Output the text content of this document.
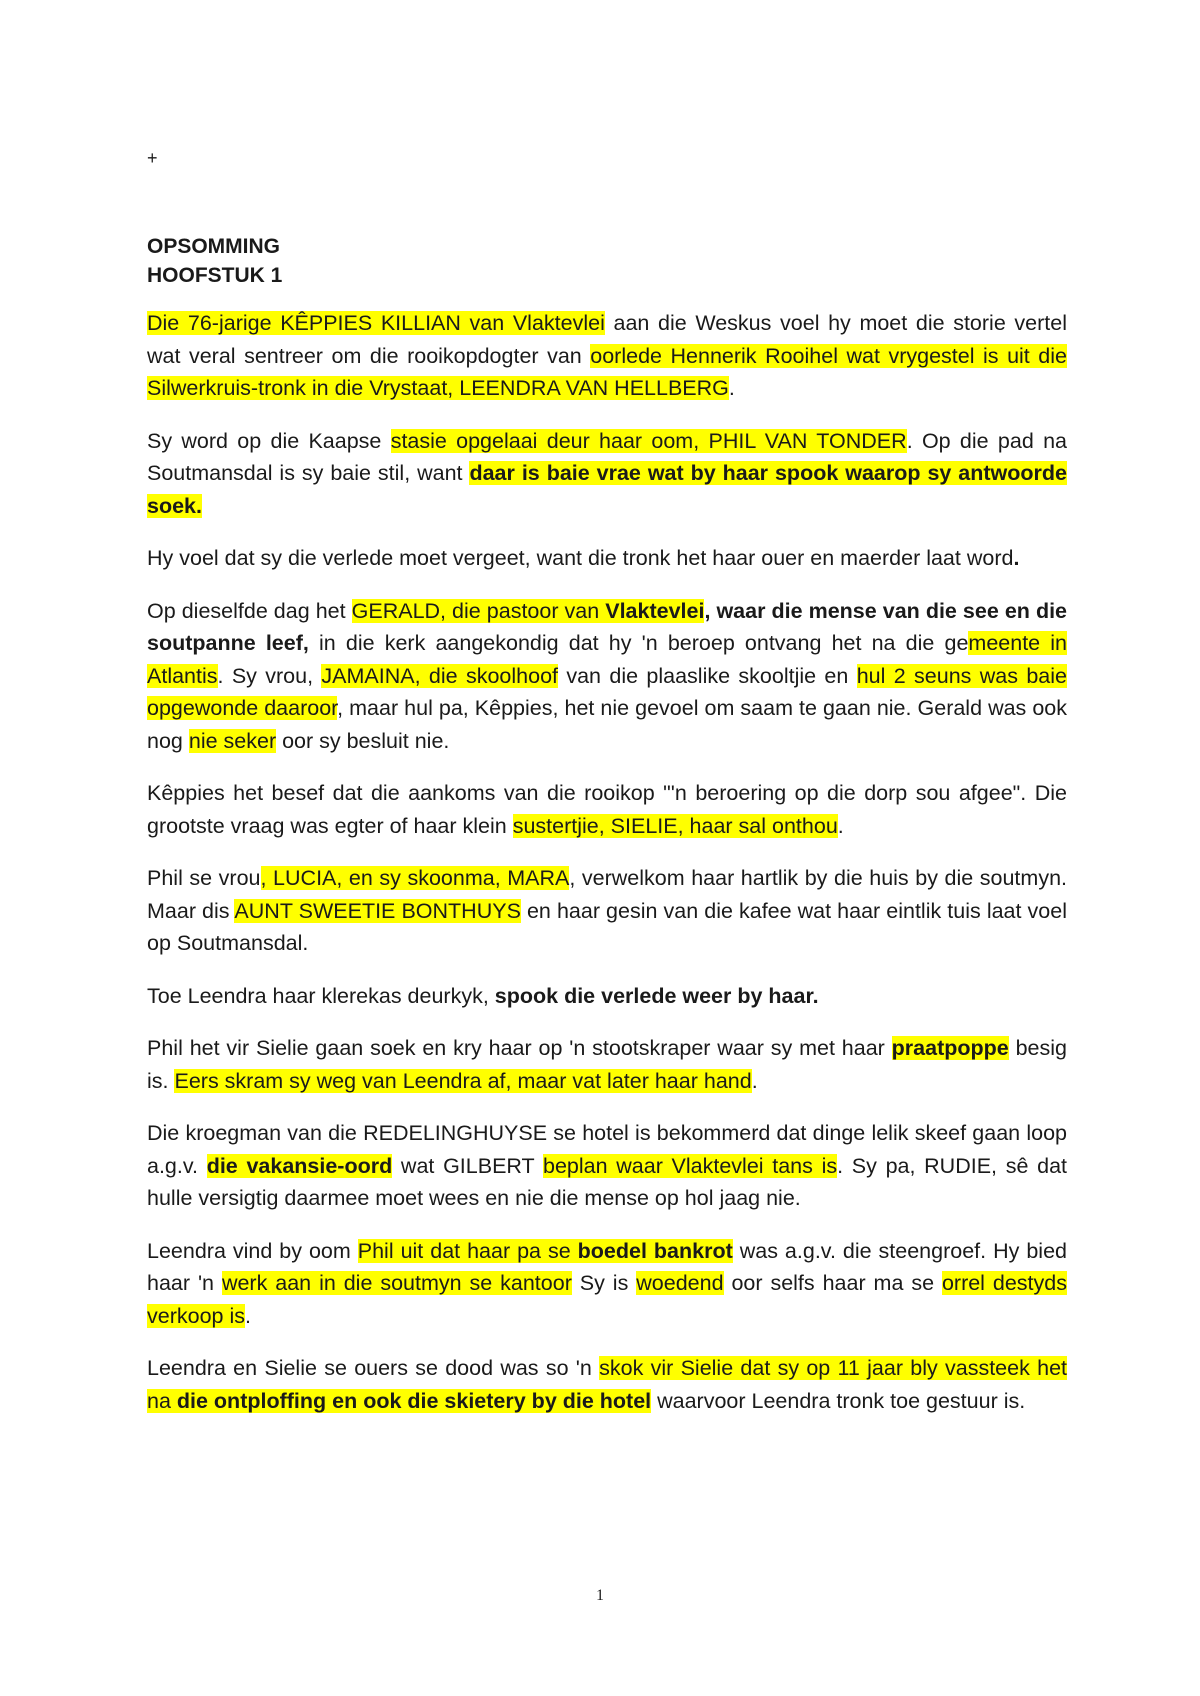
+
OPSOMMING
HOOFSTUK 1

Die 76-jarige KÊPPIES KILLIAN van Vlaktevlei aan die Weskus voel hy moet die storie vertel wat veral sentreer om die rooikopdogter van oorlede Hennerik Rooihel wat vrygestel is uit die Silwerkruis-tronk in die Vrystaat, LEENDRA VAN HELLBERG.

Sy word op die Kaapse stasie opgelaai deur haar oom, PHIL VAN TONDER. Op die pad na Soutmansdal is sy baie stil, want daar is baie vrae wat by haar spook waarop sy antwoorde soek.

Hy voel dat sy die verlede moet vergeet, want die tronk het haar ouer en maerder laat word.

Op dieselfde dag het GERALD, die pastoor van Vlaktevlei, waar die mense van die see en die soutpanne leef, in die kerk aangekondig dat hy 'n beroep ontvang het na die gemeente in Atlantis. Sy vrou, JAMAINA, die skoolhoof van die plaaslike skooltjie en hul 2 seuns was baie opgewonde daaroor, maar hul pa, Kêppies, het nie gevoel om saam te gaan nie. Gerald was ook nog nie seker oor sy besluit nie.

Kêppies het besef dat die aankoms van die rooikop "'n beroering op die dorp sou afgee". Die grootste vraag was egter of haar klein sustertjie, SIELIE, haar sal onthou.

Phil se vrou, LUCIA, en sy skoonma, MARA, verwelkom haar hartlik by die huis by die soutmyn. Maar dis AUNT SWEETIE BONTHUYS en haar gesin van die kafee wat haar eintlik tuis laat voel op Soutmansdal.

Toe Leendra haar klerekas deurkyk, spook die verlede weer by haar.

Phil het vir Sielie gaan soek en kry haar op 'n stootskraper waar sy met haar praatpoppe besig is. Eers skram sy weg van Leendra af, maar vat later haar hand.

Die kroegman van die REDELINGHUYSE se hotel is bekommerd dat dinge lelik skeef gaan loop a.g.v. die vakansie-oord wat GILBERT beplan waar Vlaktevlei tans is. Sy pa, RUDIE, sê dat hulle versigtig daarmee moet wees en nie die mense op hol jaag nie.

Leendra vind by oom Phil uit dat haar pa se boedel bankrot was a.g.v. die steengroef. Hy bied haar 'n werk aan in die soutmyn se kantoor Sy is woedend oor selfs haar ma se orrel destyds verkoop is.

Leendra en Sielie se ouers se dood was so 'n skok vir Sielie dat sy op 11 jaar bly vassteek het na die ontploffing en ook die skietery by die hotel waarvoor Leendra tronk toe gestuur is.

1
